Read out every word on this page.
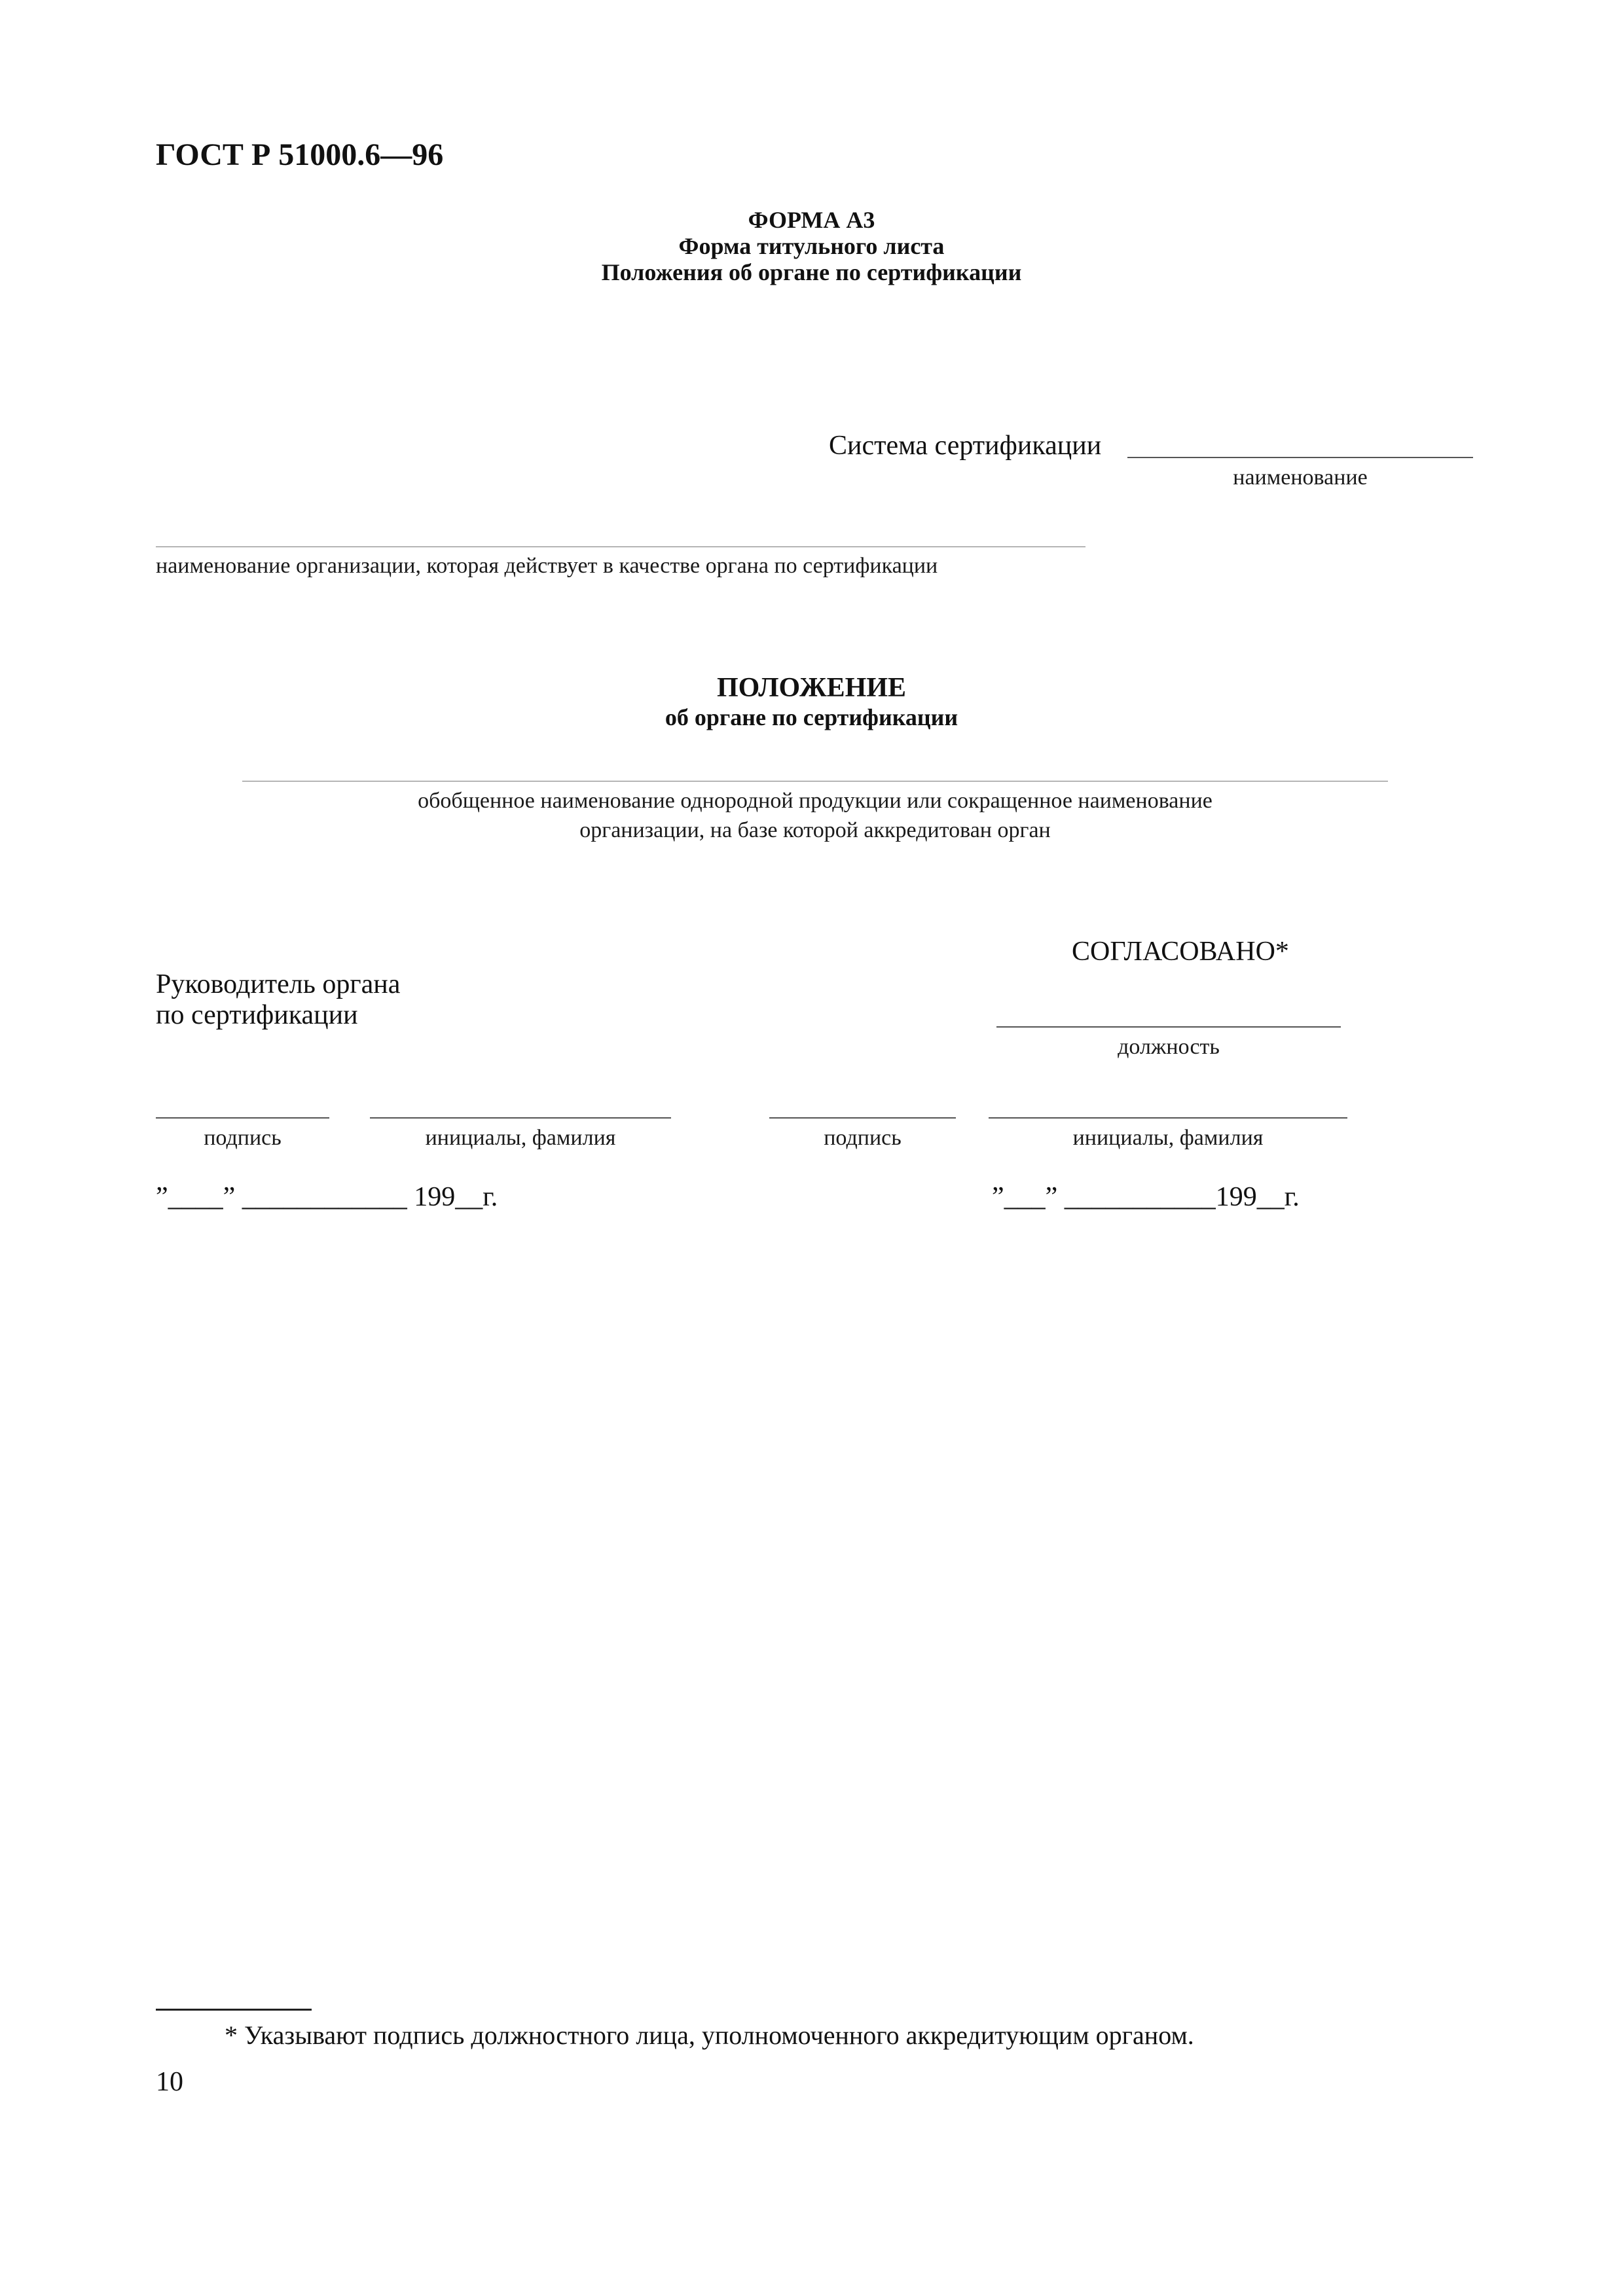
ГОСТ Р 51000.6—96
ФОРМА А3
Форма титульного листа
Положения об органе по сертификации
Система сертификации
наименование
наименование организации, которая действует в качестве органа по сертификации
ПОЛОЖЕНИЕ
об органе по сертификации
обобщенное наименование однородной продукции или сокращенное наименование
организации, на базе которой аккредитован орган
СОГЛАСОВАНО*
Руководитель органа
по сертификации
должность
подпись	инициалы, фамилия	подпись	инициалы, фамилия
”____” ____________ 199__г.	”___” ___________199__г.
* Указывают подпись должностного лица, уполномоченного аккредитующим органом.
10
